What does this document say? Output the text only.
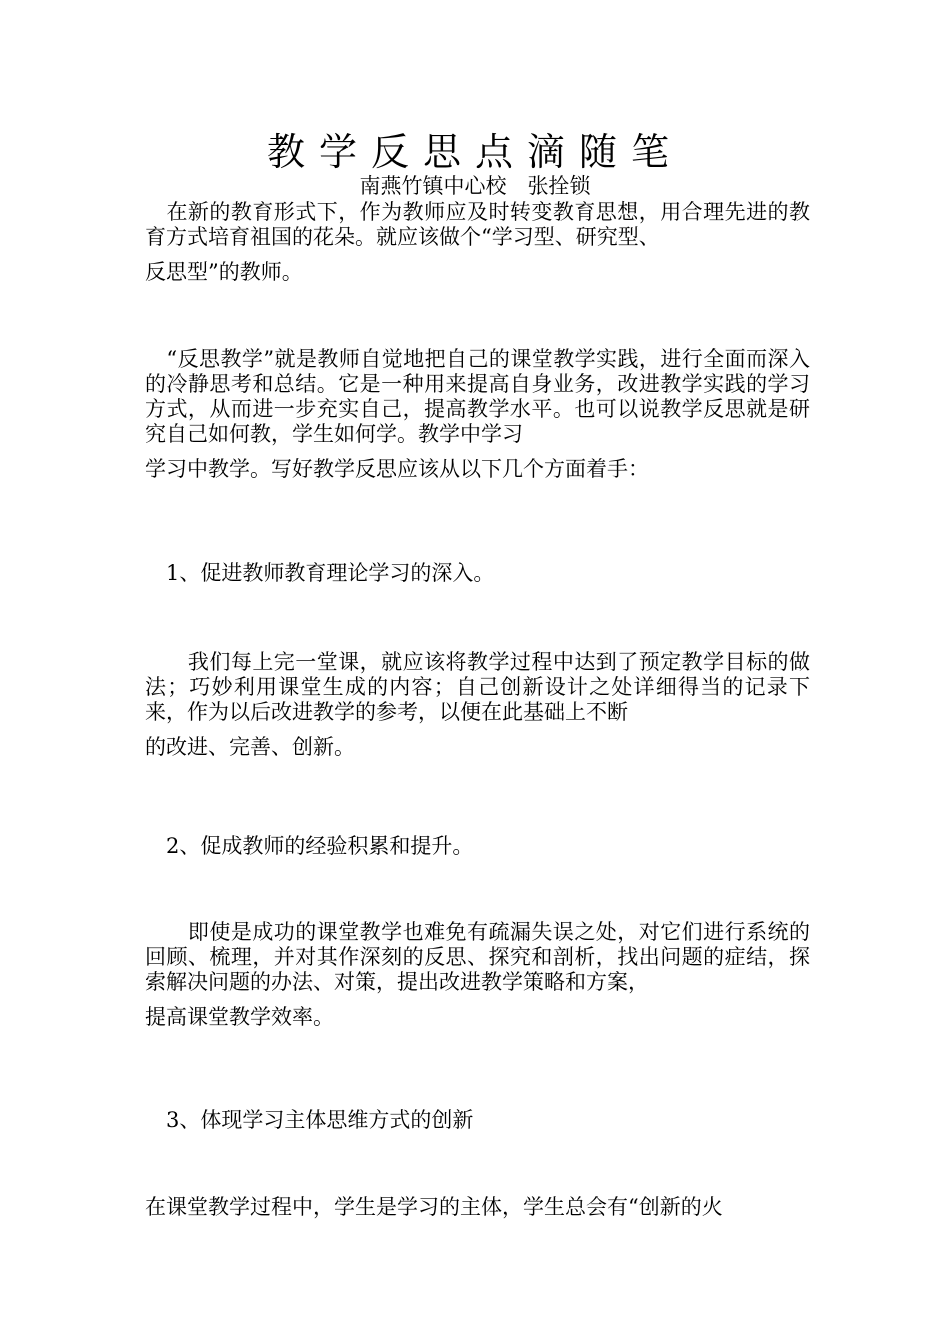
教学反思点滴随笔
南燕竹镇中心校　张拴锁

　在新的教育形式下，作为教师应及时转变教育思想，用合理先进的教育方式培育祖国的花朵。就应该做个“学习型、研究型、
反思型”的教师。

　“反思教学”就是教师自觉地把自己的课堂教学实践，进行全面而深入的冷静思考和总结。它是一种用来提高自身业务，改进教学实践的学习方式，从而进一步充实自己，提高教学水平。也可以说教学反思就是研究自己如何教，学生如何学。教学中学习
学习中教学。写好教学反思应该从以下几个方面着手：

　1、促进教师教育理论学习的深入。

　　我们每上完一堂课，就应该将教学过程中达到了预定教学目标的做法；巧妙利用课堂生成的内容；自己创新设计之处详细得当的记录下来，作为以后改进教学的参考，以便在此基础上不断
的改进、完善、创新。

　2、促成教师的经验积累和提升。

　　即使是成功的课堂教学也难免有疏漏失误之处，对它们进行系统的回顾、梳理，并对其作深刻的反思、探究和剖析，找出问题的症结，探索解决问题的办法、对策，提出改进教学策略和方案，
提高课堂教学效率。

　3、体现学习主体思维方式的创新

在课堂教学过程中，学生是学习的主体，学生总会有“创新的火
